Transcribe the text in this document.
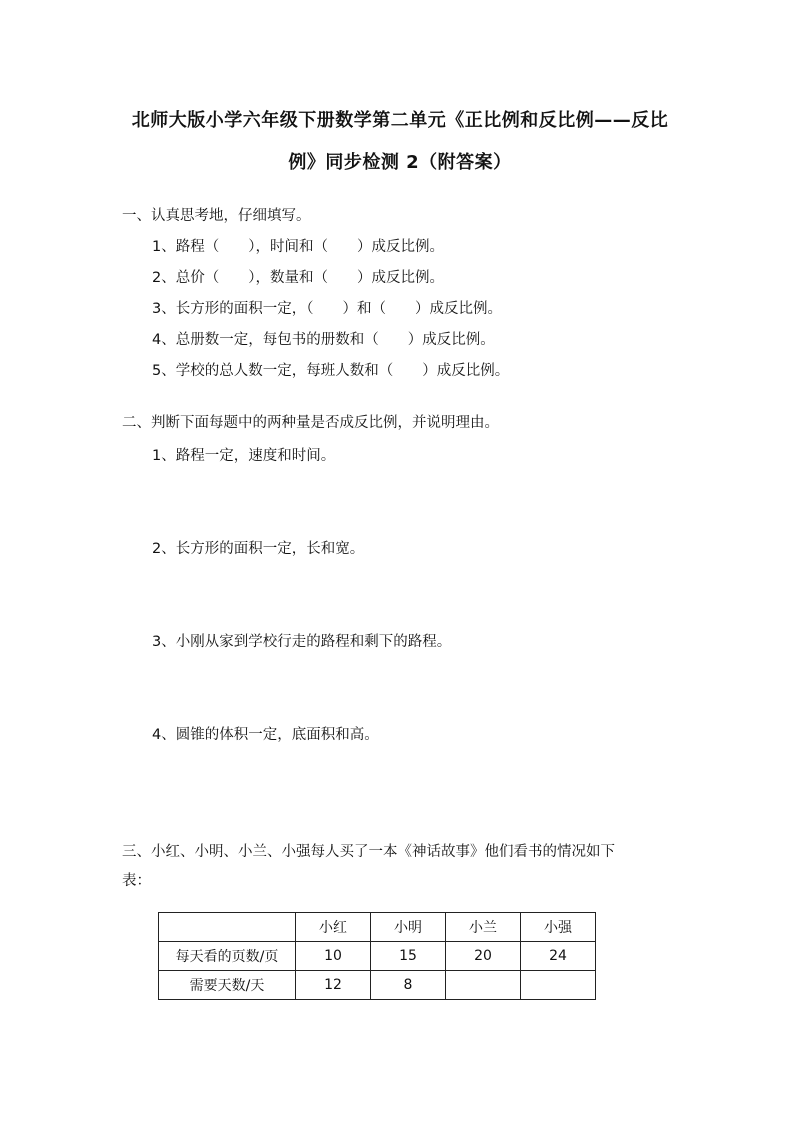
北师大版小学六年级下册数学第二单元《正比例和反比例——反比
例》同步检测 2（附答案）
一、认真思考地，仔细填写。
1、路程（　　），时间和（　　）成反比例。
2、总价（　　），数量和（　　）成反比例。
3、长方形的面积一定，（　　）和（　　）成反比例。
4、总册数一定，每包书的册数和（　　）成反比例。
5、学校的总人数一定，每班人数和（　　）成反比例。
二、判断下面每题中的两种量是否成反比例，并说明理由。
1、路程一定，速度和时间。
2、长方形的面积一定，长和宽。
3、小刚从家到学校行走的路程和剩下的路程。
4、圆锥的体积一定，底面积和高。
三、小红、小明、小兰、小强每人买了一本《神话故事》他们看书的情况如下
表：
	小红	小明	小兰	小强
每天看的页数/页	10	15	20	24
需要天数/天	12	8		
